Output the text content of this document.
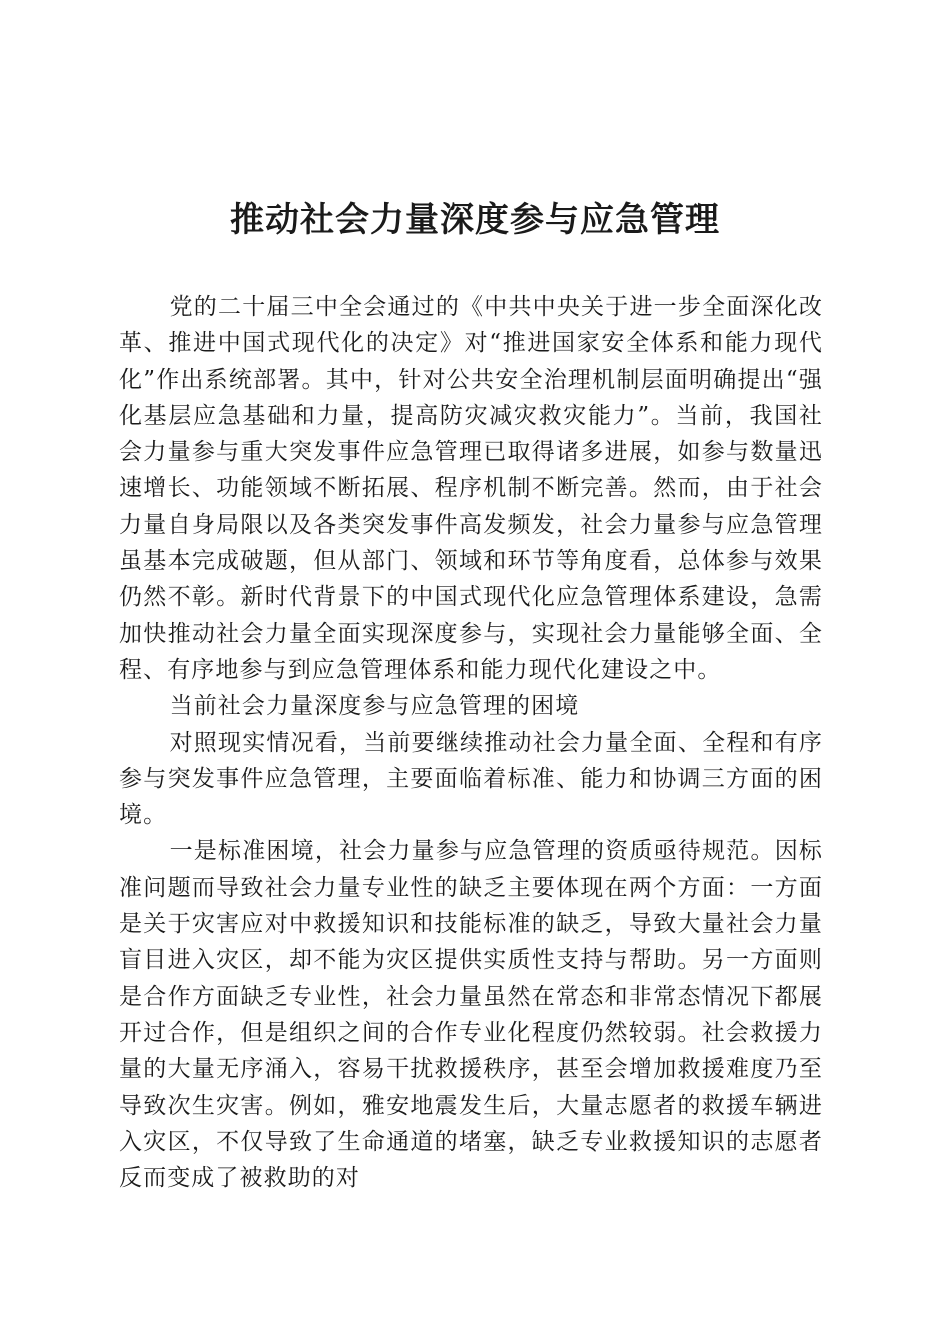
推动社会力量深度参与应急管理

党的二十届三中全会通过的《中共中央关于进一步全面深化改革、推进中国式现代化的决定》对“推进国家安全体系和能力现代化”作出系统部署。其中，针对公共安全治理机制层面明确提出“强化基层应急基础和力量，提高防灾减灾救灾能力”。当前，我国社会力量参与重大突发事件应急管理已取得诸多进展，如参与数量迅速增长、功能领域不断拓展、程序机制不断完善。然而，由于社会力量自身局限以及各类突发事件高发频发，社会力量参与应急管理虽基本完成破题，但从部门、领域和环节等角度看，总体参与效果仍然不彰。新时代背景下的中国式现代化应急管理体系建设，急需加快推动社会力量全面实现深度参与，实现社会力量能够全面、全程、有序地参与到应急管理体系和能力现代化建设之中。

当前社会力量深度参与应急管理的困境

对照现实情况看，当前要继续推动社会力量全面、全程和有序参与突发事件应急管理，主要面临着标准、能力和协调三方面的困境。

一是标准困境，社会力量参与应急管理的资质亟待规范。因标准问题而导致社会力量专业性的缺乏主要体现在两个方面：一方面是关于灾害应对中救援知识和技能标准的缺乏，导致大量社会力量盲目进入灾区，却不能为灾区提供实质性支持与帮助。另一方面则是合作方面缺乏专业性，社会力量虽然在常态和非常态情况下都展开过合作，但是组织之间的合作专业化程度仍然较弱。社会救援力量的大量无序涌入，容易干扰救援秩序，甚至会增加救援难度乃至导致次生灾害。例如，雅安地震发生后，大量志愿者的救援车辆进入灾区，不仅导致了生命通道的堵塞，缺乏专业救援知识的志愿者反而变成了被救助的对
